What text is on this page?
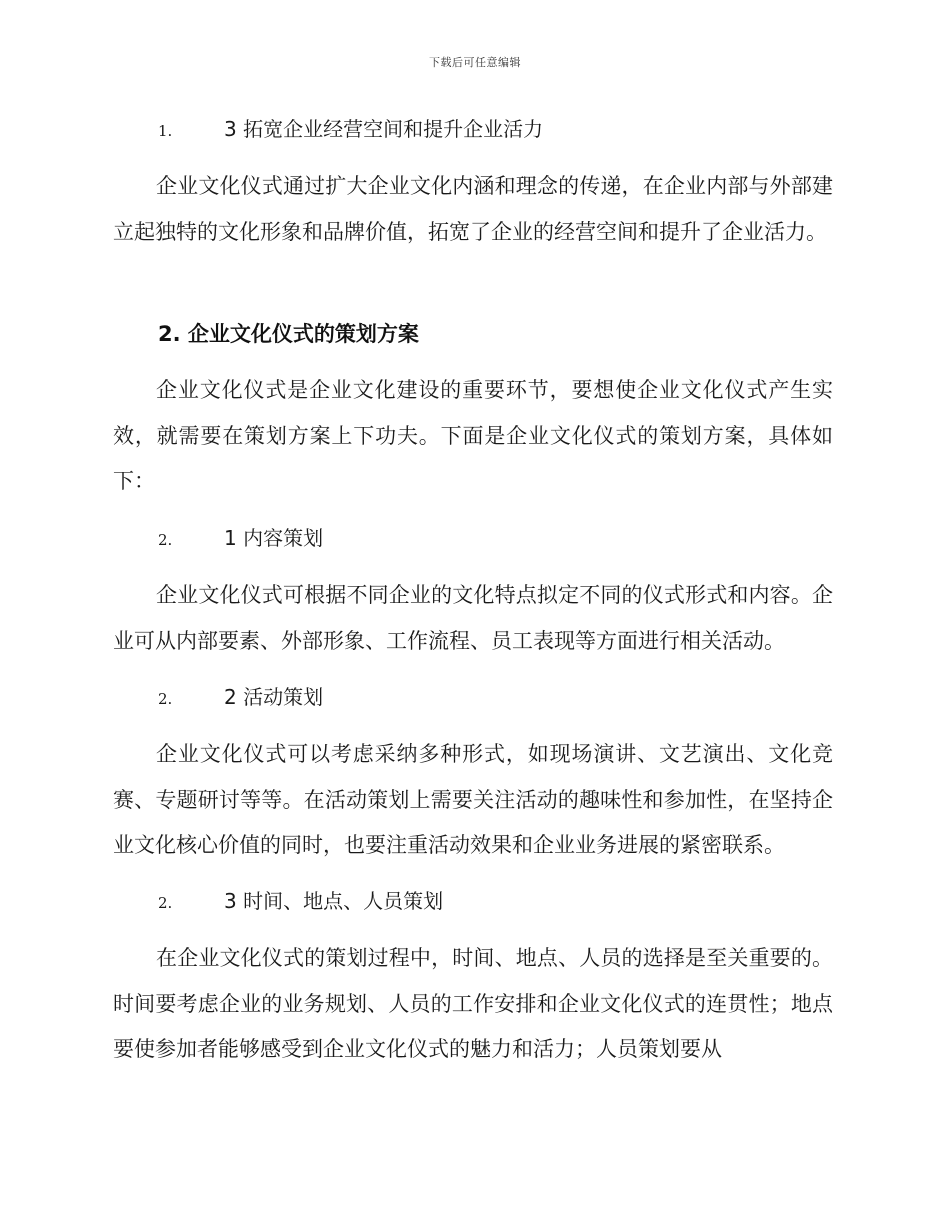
下载后可任意编辑
1.	3 拓宽企业经营空间和提升企业活力

企业文化仪式通过扩大企业文化内涵和理念的传递，在企业内部与外部建立起独特的文化形象和品牌价值，拓宽了企业的经营空间和提升了企业活力。

2. 企业文化仪式的策划方案

企业文化仪式是企业文化建设的重要环节，要想使企业文化仪式产生实效，就需要在策划方案上下功夫。下面是企业文化仪式的策划方案，具体如下：

2.	1 内容策划

企业文化仪式可根据不同企业的文化特点拟定不同的仪式形式和内容。企业可从内部要素、外部形象、工作流程、员工表现等方面进行相关活动。

2.	2 活动策划

企业文化仪式可以考虑采纳多种形式，如现场演讲、文艺演出、文化竞赛、专题研讨等等。在活动策划上需要关注活动的趣味性和参加性，在坚持企业文化核心价值的同时，也要注重活动效果和企业业务进展的紧密联系。

2.	3 时间、地点、人员策划

在企业文化仪式的策划过程中，时间、地点、人员的选择是至关重要的。时间要考虑企业的业务规划、人员的工作安排和企业文化仪式的连贯性；地点要使参加者能够感受到企业文化仪式的魅力和活力；人员策划要从
